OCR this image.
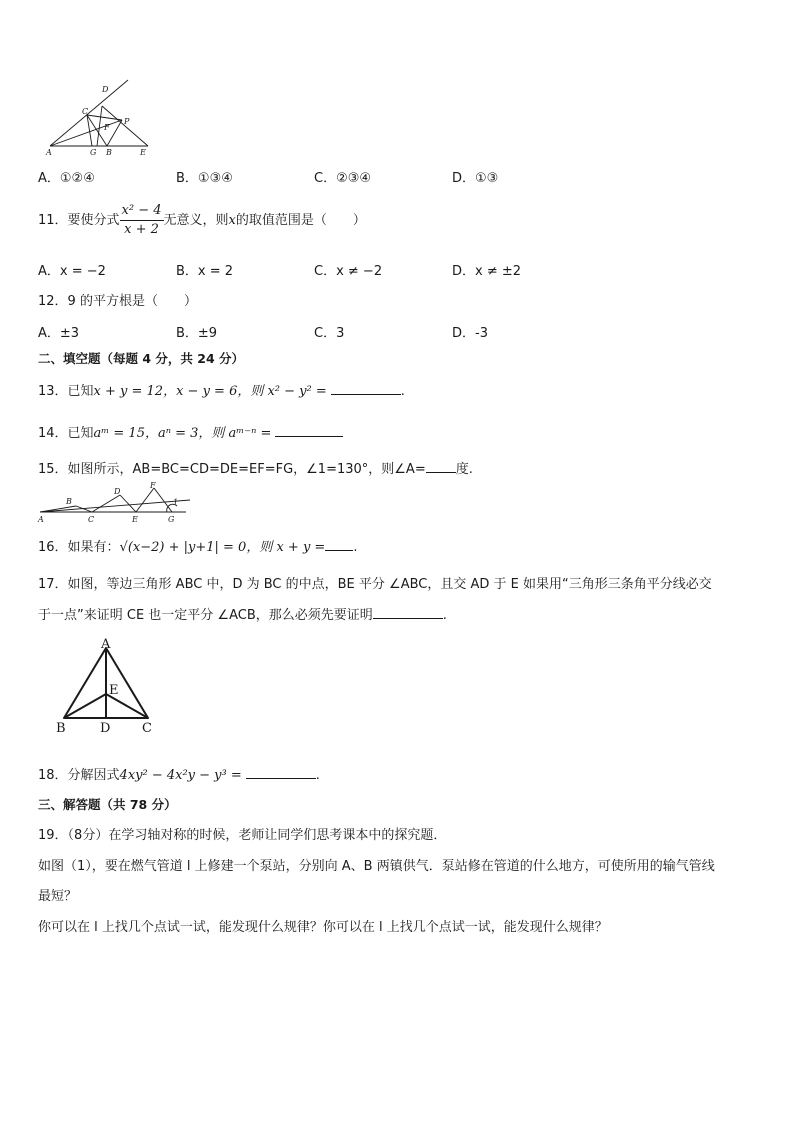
D
C
F
P
A	G B	E
A．①②④	B．①③④	C．②③④	D．①③
11．要使分式 $\frac{\text{x² − 4}}{x + 2}$ 无意义，则x的取值范围是（　　）
A．x = −2	B．x = 2	C．x ≠ −2	D．x ≠ ±2
12．9 的平方根是（　　）
A．±3	B．±9	C．3	D．-3
二、填空题（每题 4 分，共 24 分）
13．已知x + y = 12，x − y = 6，则 x² − y² =	.
14．已知aᵐ = 15，aⁿ = 3，则 aᵐ⁻ⁿ =
15．如图所示，AB=BC=CD=DE=EF=FG，∠1=130°，则∠A= 度.
B
D
F
1
A	C	E	G
16．如果有：√(x−2) + |y+1| = 0，则 x + y = .
17．如图，等边三角形 ABC 中，D 为 BC 的中点，BE 平分 ∠ABC，且交 AD 于 E 如果用“三角形三条角平分线必交
于一点”来证明 CE 也一定平分 ∠ACB，那么必须先要证明	.
A
E
B	D C
18．分解因式4xy² − 4x²y − y³ =	.
三、解答题（共 78 分）
19．（8分）在学习轴对称的时候，老师让同学们思考课本中的探究题．
如图（1），要在燃气管道 l 上修建一个泵站，分别向 A、B 两镇供气．泵站修在管道的什么地方，可使所用的输气管线
最短？
你可以在 l 上找几个点试一试，能发现什么规律？你可以在 l 上找几个点试一试，能发现什么规律？
